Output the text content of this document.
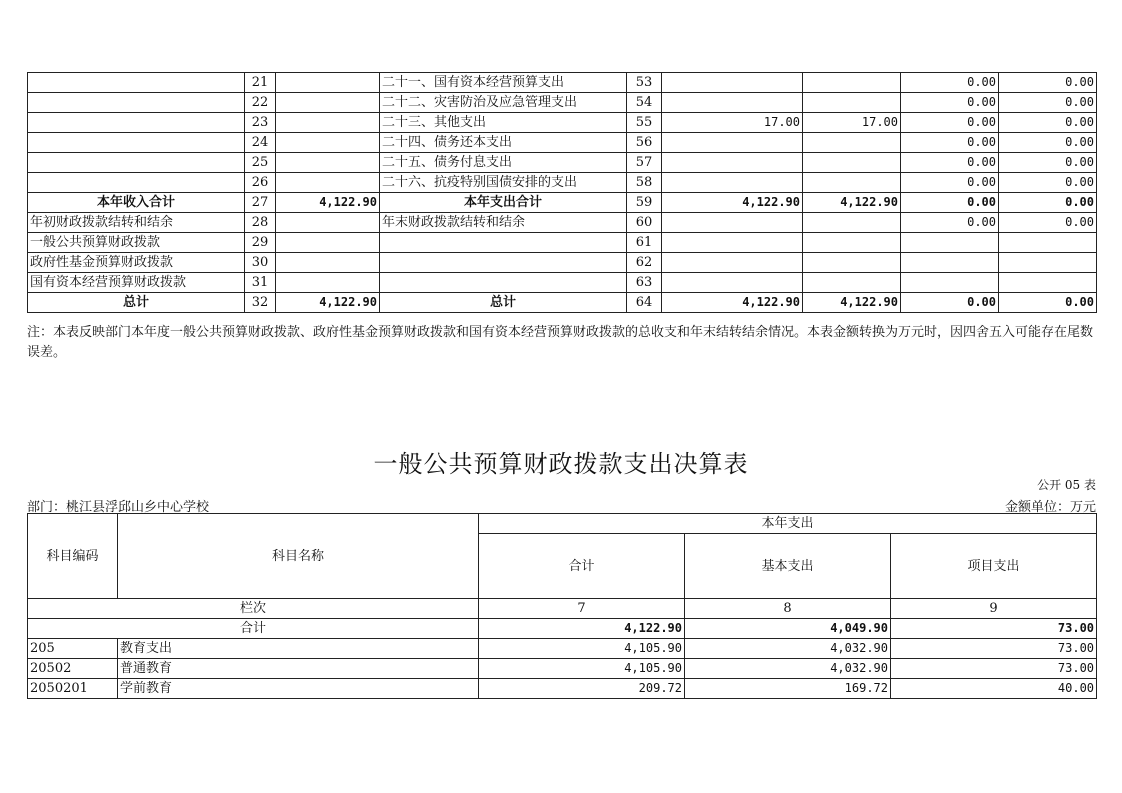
	21		二十一、国有资本经营预算支出	53			0.00	0.00
	22		二十二、灾害防治及应急管理支出	54			0.00	0.00
	23		二十三、其他支出	55	17.00	17.00	0.00	0.00
	24		二十四、债务还本支出	56			0.00	0.00
	25		二十五、债务付息支出	57			0.00	0.00
	26		二十六、抗疫特别国债安排的支出	58			0.00	0.00
本年收入合计	27	4,122.90	本年支出合计	59	4,122.90	4,122.90	0.00	0.00
年初财政拨款结转和结余	28		年末财政拨款结转和结余	60			0.00	0.00
一般公共预算财政拨款	29			61				
政府性基金预算财政拨款	30			62				
国有资本经营预算财政拨款	31			63				
总计	32	4,122.90	总计	64	4,122.90	4,122.90	0.00	0.00
注：本表反映部门本年度一般公共预算财政拨款、政府性基金预算财政拨款和国有资本经营预算财政拨款的总收支和年末结转结余情况。本表金额转换为万元时，因四舍五入可能存在尾数误差。
一般公共预算财政拨款支出决算表
公开 05 表
部门：桃江县浮邱山乡中心学校	金额单位：万元
科目编码	科目名称	本年支出		
		合计	基本支出	项目支出
栏次		7	8	9
合计		4,122.90	4,049.90	73.00
205	教育支出	4,105.90	4,032.90	73.00
20502	普通教育	4,105.90	4,032.90	73.00
2050201	学前教育	209.72	169.72	40.00
